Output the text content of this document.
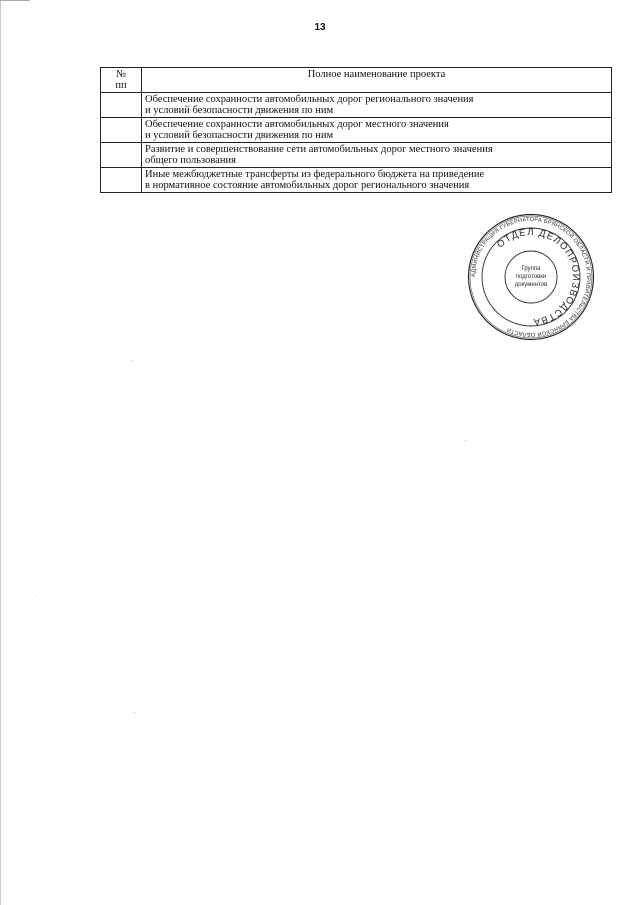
13
№
пп	Полное наименование проекта

	Обеспечение сохранности автомобильных дорог регионального значения
и условий безопасности движения по ним

	Обеспечение сохранности автомобильных дорог местного значения
и условий безопасности движения по ним

	Развитие и совершенствование сети автомобильных дорог местного значения
общего пользования

	Иные межбюджетные трансферты из федерального бюджета на приведение
в нормативное состояние автомобильных дорог регионального значения
АДМИНИСТРАЦИЯ ГУБЕРНАТОРА БРЯНСКОЙ ОБЛАСТИ И ПРАВИТЕЛЬСТВА БРЯНСКОЙ ОБЛАСТИ
ОТДЕЛ ДЕЛОПРОИЗВОДСТВА
Группа
подготовки
документов
